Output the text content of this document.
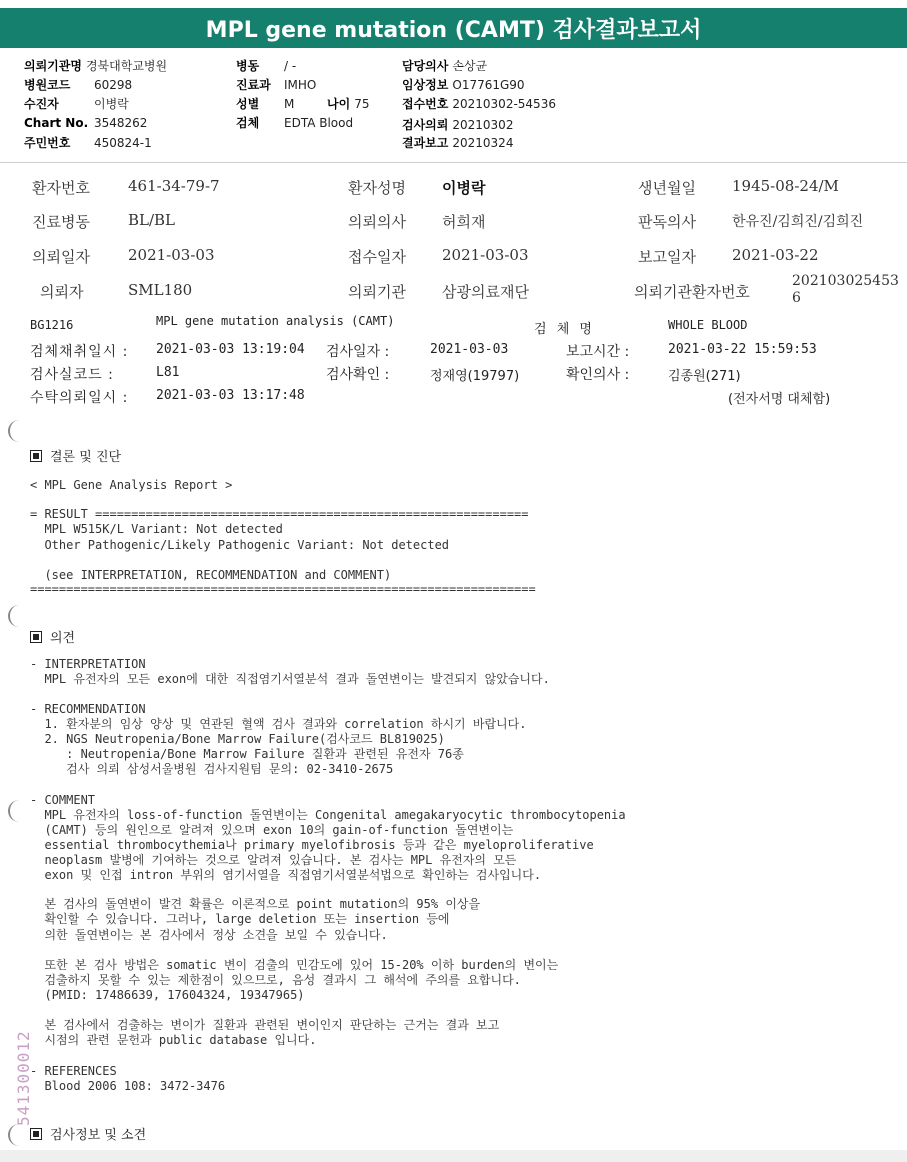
MPL gene mutation (CAMT) 검사결과보고서
의뢰기관명 경북대학교병원
병원코드 60298
수진자	이병락
Chart No. 3548262
주민번호 450824-1
병동 / -
진료과 IMHO
성별 M	나이 75
검체 EDTA Blood
담당의사 손상균
임상정보 O17761G90
접수번호 20210302-54536
검사의뢰 20210302
결과보고 20210324
환자번호	461-34-79-7	환자성명 이병락	생년월일 1945-08-24/M
진료병동	BL/BL	의뢰의사 허희재	판독의사	한유진/김희진/김희진
의뢰일자	2021-03-03	접수일자 2021-03-03	보고일자 2021-03-22
의뢰자	SML180	의뢰기관 삼광의료재단	의뢰기관환자번호
202103025453
6
BG1216	MPL gene mutation analysis (CAMT)
검 체 명	WHOLE BLOOD
검체채취일시 : 2021-03-03 13:19:04 검사일자 :	2021-03-03	보고시간 :	2021-03-22 15:59:53
검사실코드 :	L81	검사확인 :	정재영(19797)	확인의사 :	김종원(271)
수탁의뢰일시 : 2021-03-03 13:17:48	(전자서명 대체함)
결론 및 진단
< MPL Gene Analysis Report >
= RESULT ============================================================
MPL W515K/L Variant: Not detected
Other Pathogenic/Likely Pathogenic Variant: Not detected
(see INTERPRETATION, RECOMMENDATION and COMMENT)
======================================================================
의견
- INTERPRETATION
MPL 유전자의 모든 exon에 대한 직접염기서열분석 결과 돌연변이는 발견되지 않았습니다.
- RECOMMENDATION
1. 환자분의 임상 양상 및 연관된 혈액 검사 결과와 correlation 하시기 바랍니다.
2. NGS Neutropenia/Bone Marrow Failure(검사코드 BL819025)
: Neutropenia/Bone Marrow Failure 질환과 관련된 유전자 76종
검사 의뢰 삼성서울병원 검사지원팀 문의: 02-3410-2675
- COMMENT
MPL 유전자의 loss-of-function 돌연변이는 Congenital amegakaryocytic thrombocytopenia
(CAMT) 등의 원인으로 알려져 있으며 exon 10의 gain-of-function 돌연변이는
essential thrombocythemia나 primary myelofibrosis 등과 같은 myeloproliferative
neoplasm 발병에 기여하는 것으로 알려져 있습니다. 본 검사는 MPL 유전자의 모든
exon 및 인접 intron 부위의 염기서열을 직접염기서열분석법으로 확인하는 검사입니다.
본 검사의 돌연변이 발견 확률은 이론적으로 point mutation의 95% 이상을
확인할 수 있습니다. 그러나, large deletion 또는 insertion 등에
의한 돌연변이는 본 검사에서 정상 소견을 보일 수 있습니다.
또한 본 검사 방법은 somatic 변이 검출의 민감도에 있어 15-20% 이하 burden의 변이는
검출하지 못할 수 있는 제한점이 있으므로, 음성 결과시 그 해석에 주의를 요합니다.
(PMID: 17486639, 17604324, 19347965)
본 검사에서 검출하는 변이가 질환과 관련된 변이인지 판단하는 근거는 결과 보고
시점의 관련 문헌과 public database 입니다.
- REFERENCES
Blood 2006 108: 3472-3476
검사정보 및 소견
541300012
